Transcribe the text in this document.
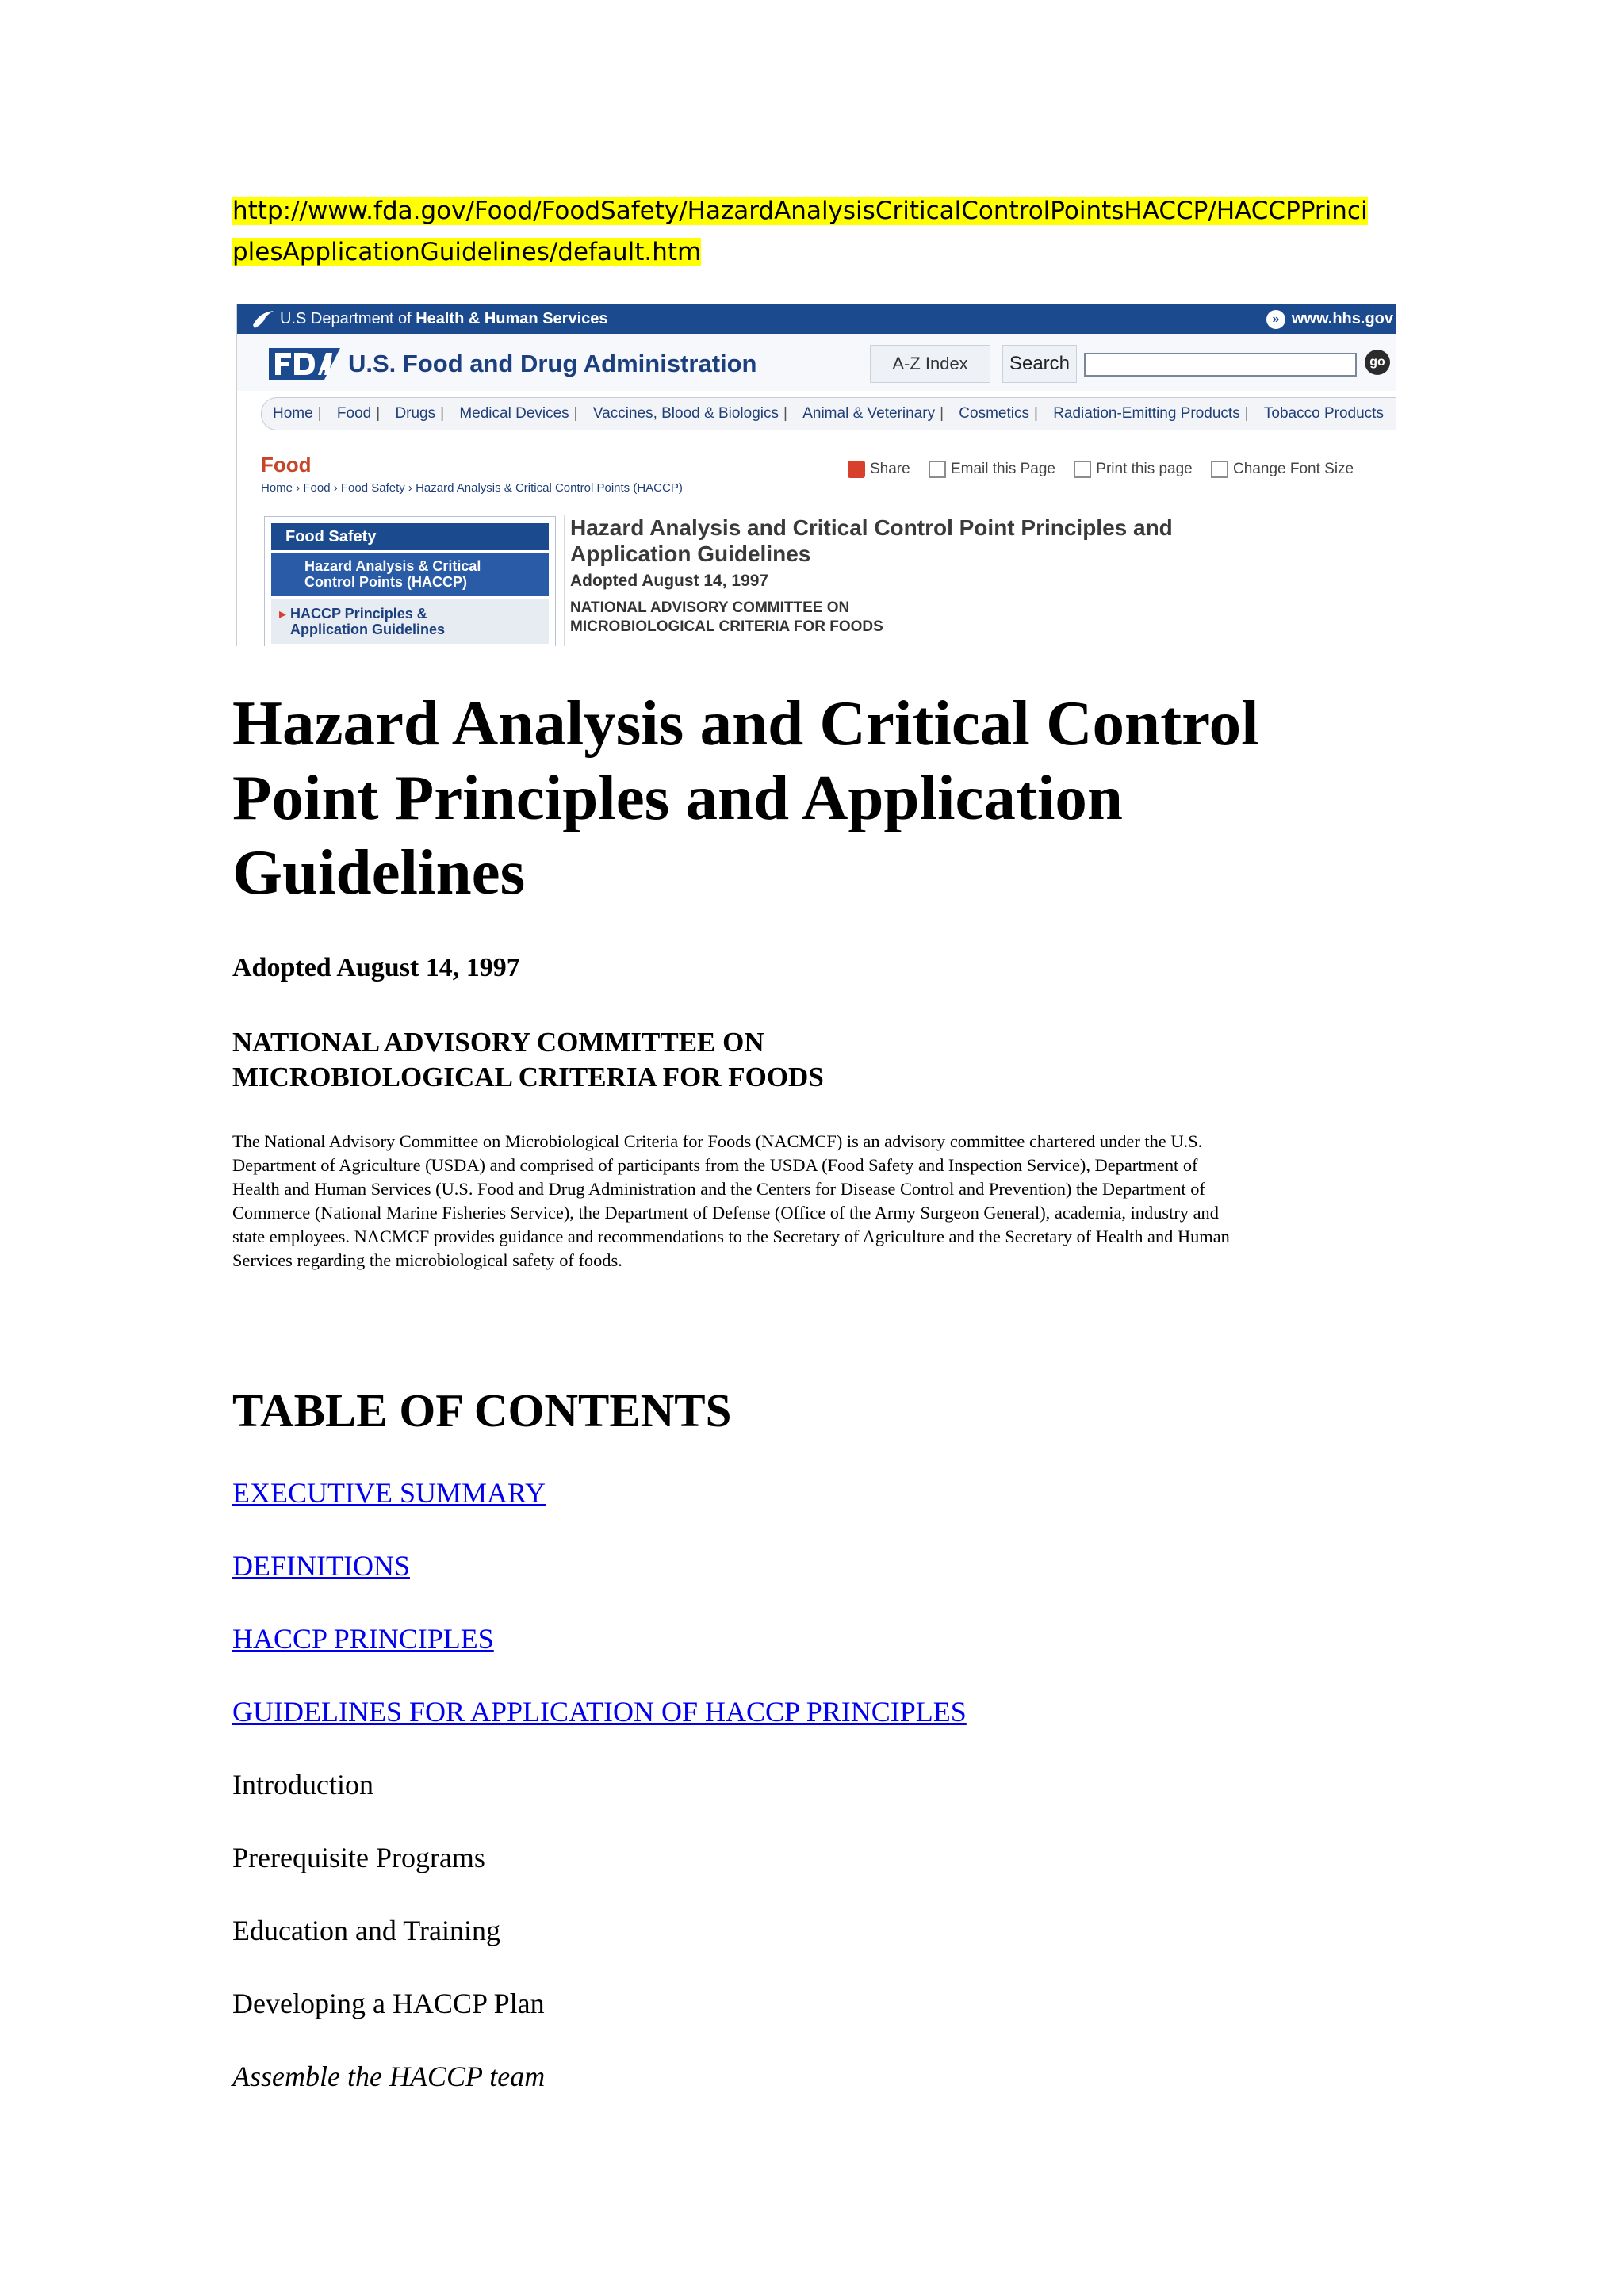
http://www.fda.gov/Food/FoodSafety/HazardAnalysisCriticalControlPointsHACCP/HACCPPrinci
plesApplicationGuidelines/default.htm
U.S Department of Health & Human Services	» www.hhs.gov
U.S. Food and Drug Administration	A-Z Index	Search	go
Home | Food | Drugs | Medical Devices | Vaccines, Blood & Biologics | Animal & Veterinary | Cosmetics | Radiation-Emitting Products | Tobacco Products
Food
Home › Food › Food Safety › Hazard Analysis & Critical Control Points (HACCP)
Share	Email this Page	Print this page	Change Font Size
Food Safety
Hazard Analysis & Critical
Control Points (HACCP)
▸ HACCP Principles &
Application Guidelines
Hazard Analysis and Critical Control Point Principles and
Application Guidelines
Adopted August 14, 1997
NATIONAL ADVISORY COMMITTEE ON
MICROBIOLOGICAL CRITERIA FOR FOODS
Hazard Analysis and Critical Control
Point Principles and Application
Guidelines
Adopted August 14, 1997
NATIONAL ADVISORY COMMITTEE ON
MICROBIOLOGICAL CRITERIA FOR FOODS
The National Advisory Committee on Microbiological Criteria for Foods (NACMCF) is an advisory committee chartered under the U.S.
Department of Agriculture (USDA) and comprised of participants from the USDA (Food Safety and Inspection Service), Department of
Health and Human Services (U.S. Food and Drug Administration and the Centers for Disease Control and Prevention) the Department of
Commerce (National Marine Fisheries Service), the Department of Defense (Office of the Army Surgeon General), academia, industry and
state employees. NACMCF provides guidance and recommendations to the Secretary of Agriculture and the Secretary of Health and Human
Services regarding the microbiological safety of foods.
TABLE OF CONTENTS
EXECUTIVE SUMMARY
DEFINITIONS
HACCP PRINCIPLES
GUIDELINES FOR APPLICATION OF HACCP PRINCIPLES
Introduction
Prerequisite Programs
Education and Training
Developing a HACCP Plan
Assemble the HACCP team
